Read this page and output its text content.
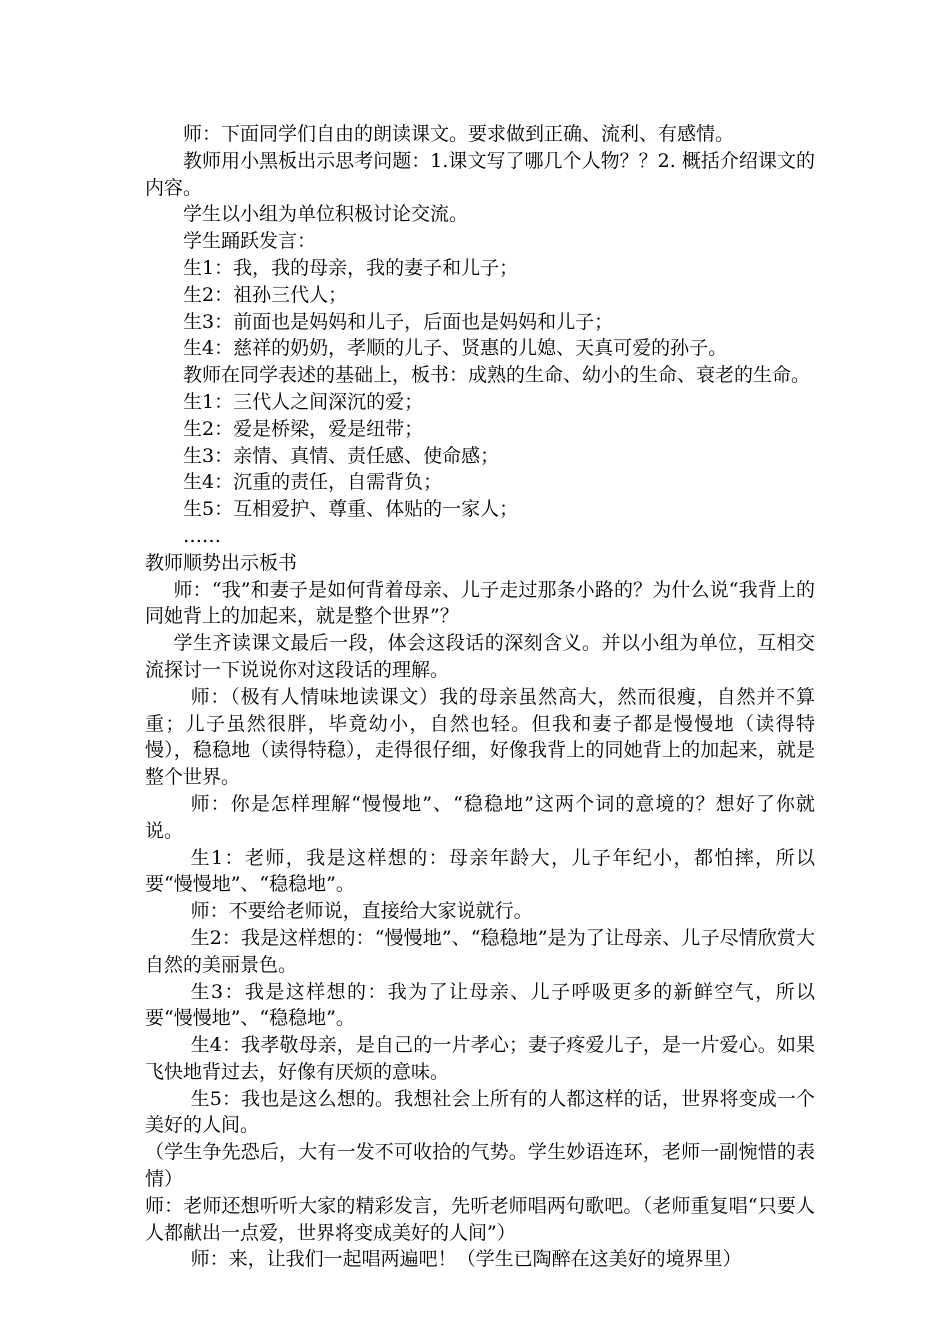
师：下面同学们自由的朗读课文。要求做到正确、流利、有感情。

教师用小黑板出示思考问题：1.课文写了哪几个人物？？2. 概括介绍课文的内容。

学生以小组为单位积极讨论交流。

学生踊跃发言：

生1：我，我的母亲，我的妻子和儿子；

生2：祖孙三代人；

生3：前面也是妈妈和儿子，后面也是妈妈和儿子；

生4：慈祥的奶奶，孝顺的儿子、贤惠的儿媳、天真可爱的孙子。

教师在同学表述的基础上，板书：成熟的生命、幼小的生命、衰老的生命。

生1：三代人之间深沉的爱；

生2：爱是桥梁，爱是纽带；

生3：亲情、真情、责任感、使命感；

生4：沉重的责任，自需背负；

生5：互相爱护、尊重、体贴的一家人；

……

教师顺势出示板书

师：“我”和妻子是如何背着母亲、儿子走过那条小路的？为什么说“我背上的同她背上的加起来，就是整个世界”？

学生齐读课文最后一段，体会这段话的深刻含义。并以小组为单位，互相交流探讨一下说说你对这段话的理解。

师：（极有人情味地读课文）我的母亲虽然高大，然而很瘦，自然并不算重；儿子虽然很胖，毕竟幼小，自然也轻。但我和妻子都是慢慢地（读得特慢），稳稳地（读得特稳），走得很仔细，好像我背上的同她背上的加起来，就是整个世界。

师：你是怎样理解“慢慢地”、“稳稳地”这两个词的意境的？想好了你就说。

生1：老师，我是这样想的：母亲年龄大，儿子年纪小，都怕摔，所以要“慢慢地”、“稳稳地”。

师：不要给老师说，直接给大家说就行。

生2：我是这样想的：“慢慢地”、“稳稳地”是为了让母亲、儿子尽情欣赏大自然的美丽景色。

生3：我是这样想的：我为了让母亲、儿子呼吸更多的新鲜空气，所以要“慢慢地”、“稳稳地”。

生4：我孝敬母亲，是自己的一片孝心；妻子疼爱儿子，是一片爱心。如果飞快地背过去，好像有厌烦的意味。

生5：我也是这么想的。我想社会上所有的人都这样的话，世界将变成一个美好的人间。

（学生争先恐后，大有一发不可收拾的气势。学生妙语连环，老师一副惋惜的表情）

师：老师还想听听大家的精彩发言，先听老师唱两句歌吧。（老师重复唱“只要人人都献出一点爱，世界将变成美好的人间”）

师：来，让我们一起唱两遍吧！（学生已陶醉在这美好的境界里）
